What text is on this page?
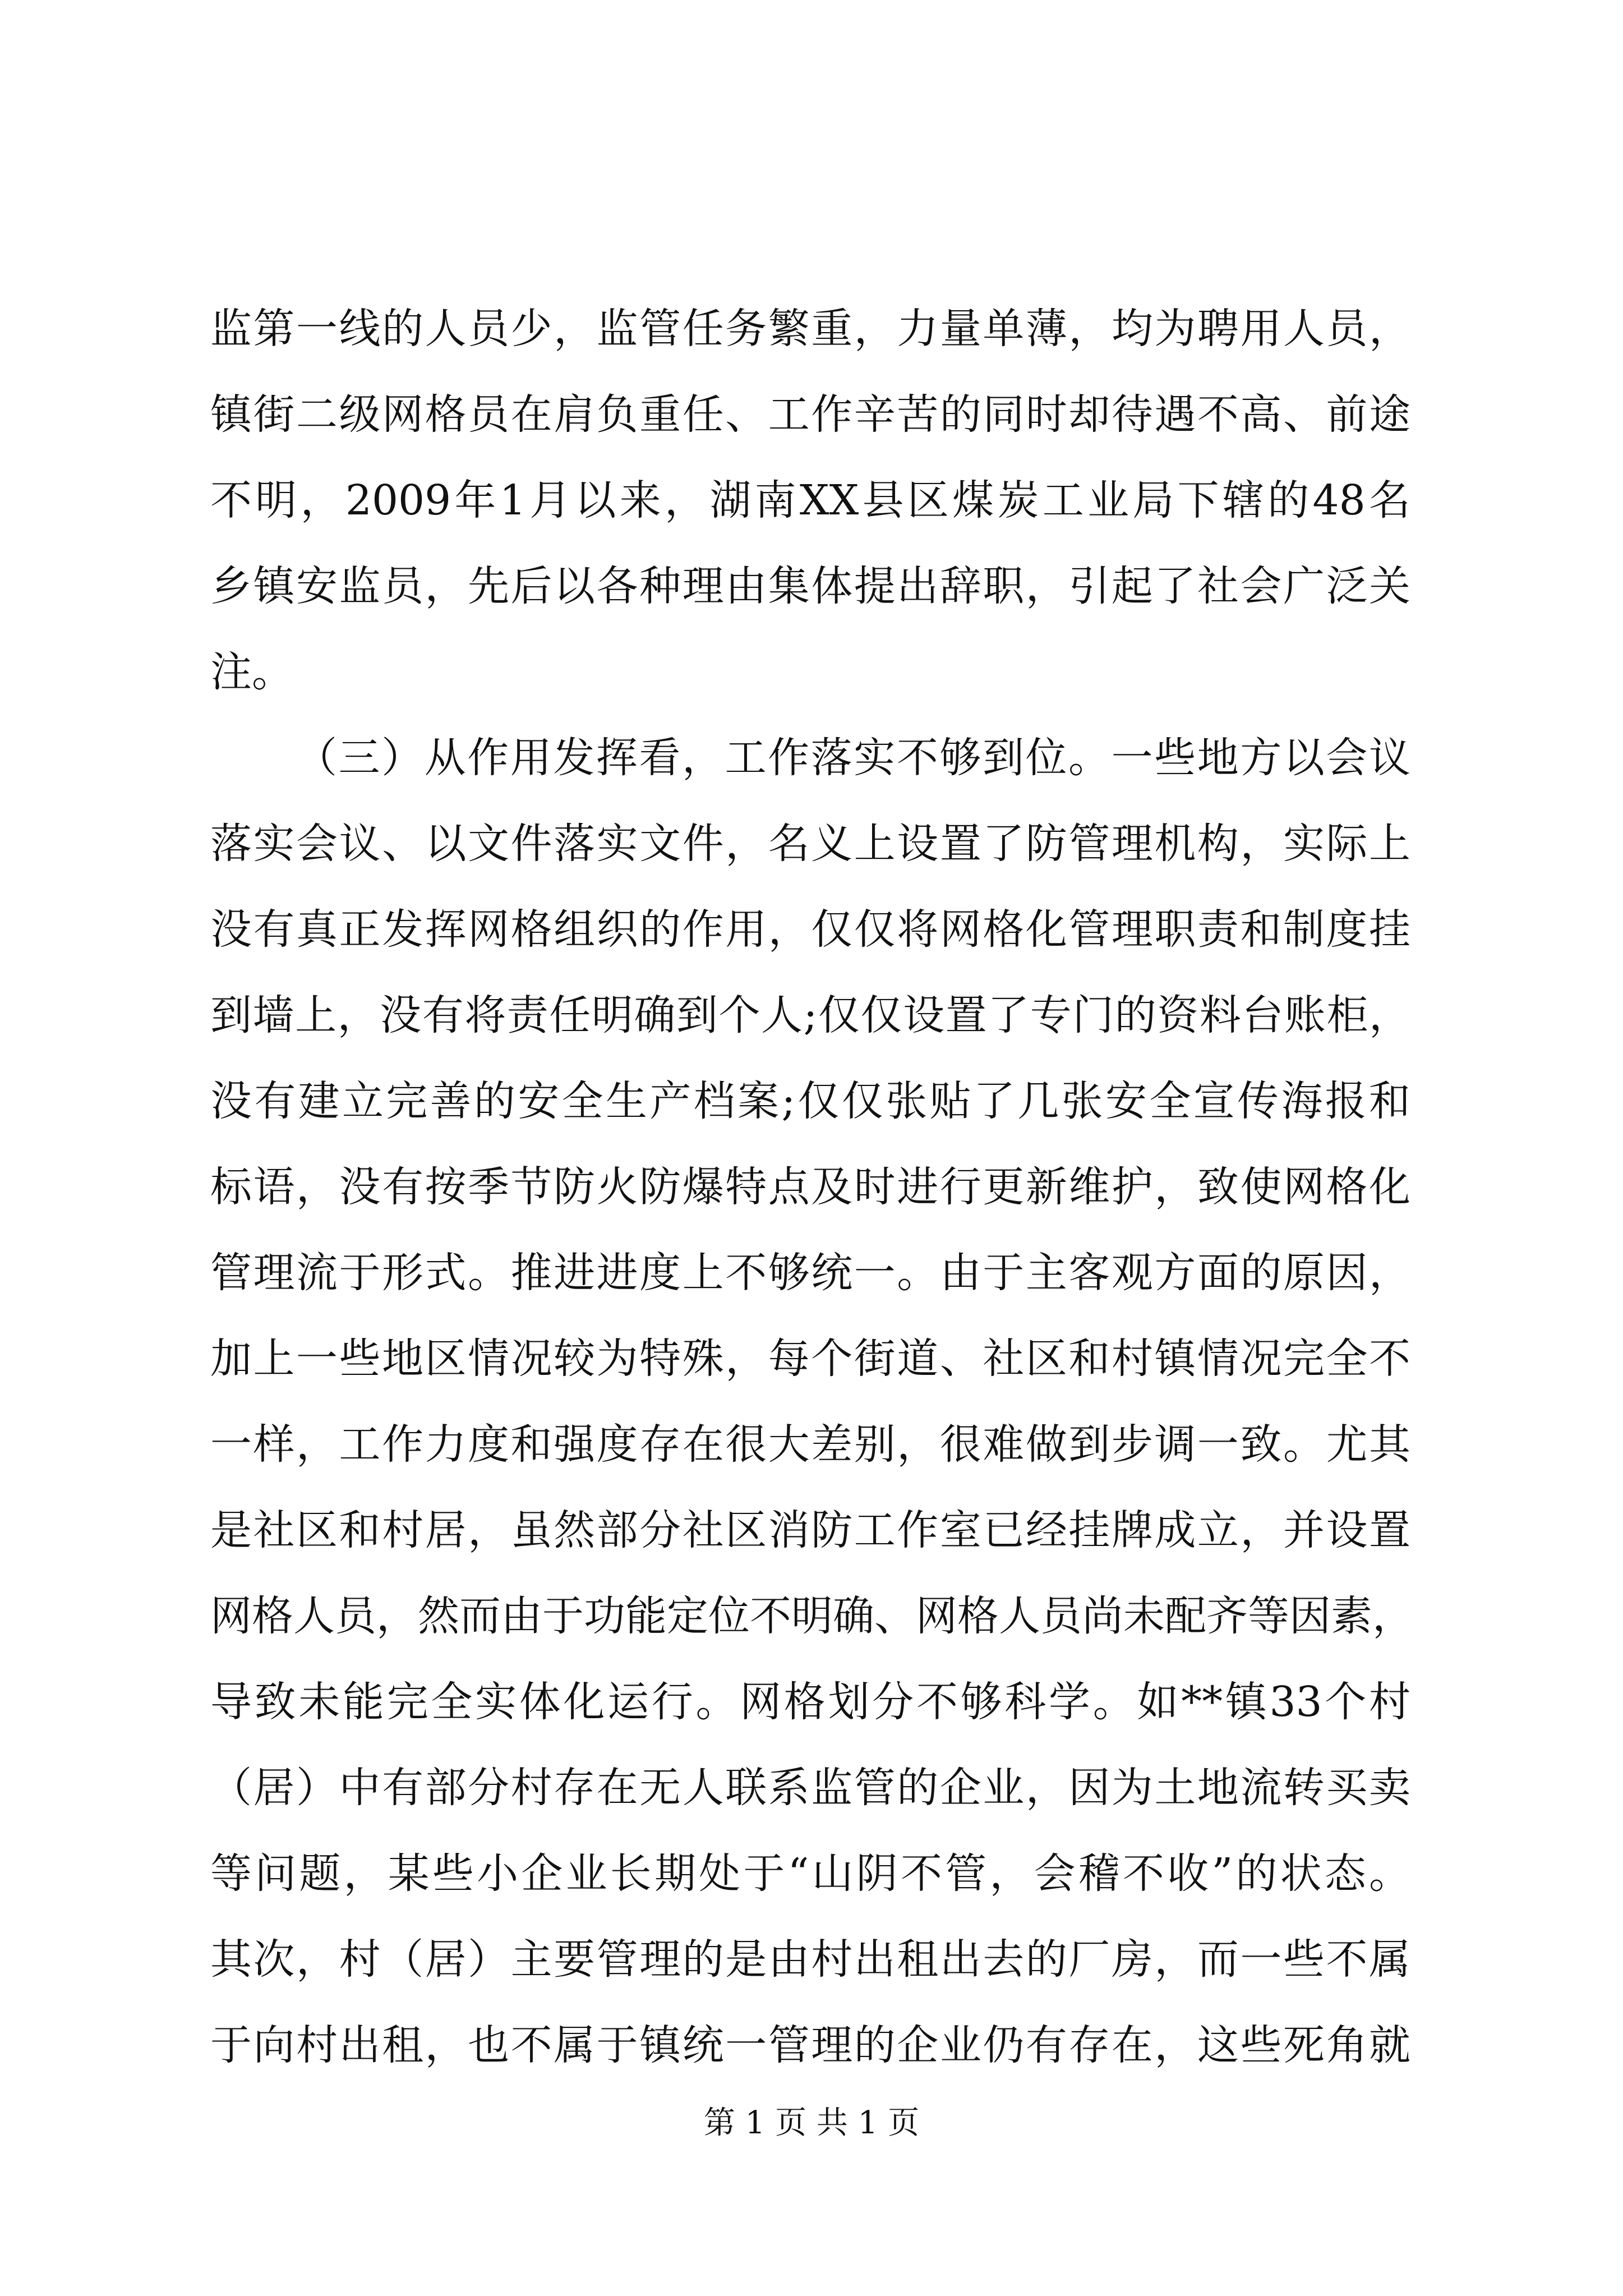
监第一线的人员少，监管任务繁重，力量单薄，均为聘用人员，
镇街二级网格员在肩负重任、工作辛苦的同时却待遇不高、前途
不明，2009年1月以来，湖南XX县区煤炭工业局下辖的48名
乡镇安监员，先后以各种理由集体提出辞职，引起了社会广泛关
注。
（三）从作用发挥看，工作落实不够到位。一些地方以会议
落实会议、以文件落实文件，名义上设置了防管理机构，实际上
没有真正发挥网格组织的作用，仅仅将网格化管理职责和制度挂
到墙上，没有将责任明确到个人;仅仅设置了专门的资料台账柜，
没有建立完善的安全生产档案;仅仅张贴了几张安全宣传海报和
标语，没有按季节防火防爆特点及时进行更新维护，致使网格化
管理流于形式。推进进度上不够统一。由于主客观方面的原因，
加上一些地区情况较为特殊，每个街道、社区和村镇情况完全不
一样，工作力度和强度存在很大差别，很难做到步调一致。尤其
是社区和村居，虽然部分社区消防工作室已经挂牌成立，并设置
网格人员，然而由于功能定位不明确、网格人员尚未配齐等因素，
导致未能完全实体化运行。网格划分不够科学。如**镇33个村
（居）中有部分村存在无人联系监管的企业，因为土地流转买卖
等问题，某些小企业长期处于“山阴不管，会稽不收”的状态。
其次，村（居）主要管理的是由村出租出去的厂房，而一些不属
于向村出租，也不属于镇统一管理的企业仍有存在，这些死角就
第 1 页 共 1 页
